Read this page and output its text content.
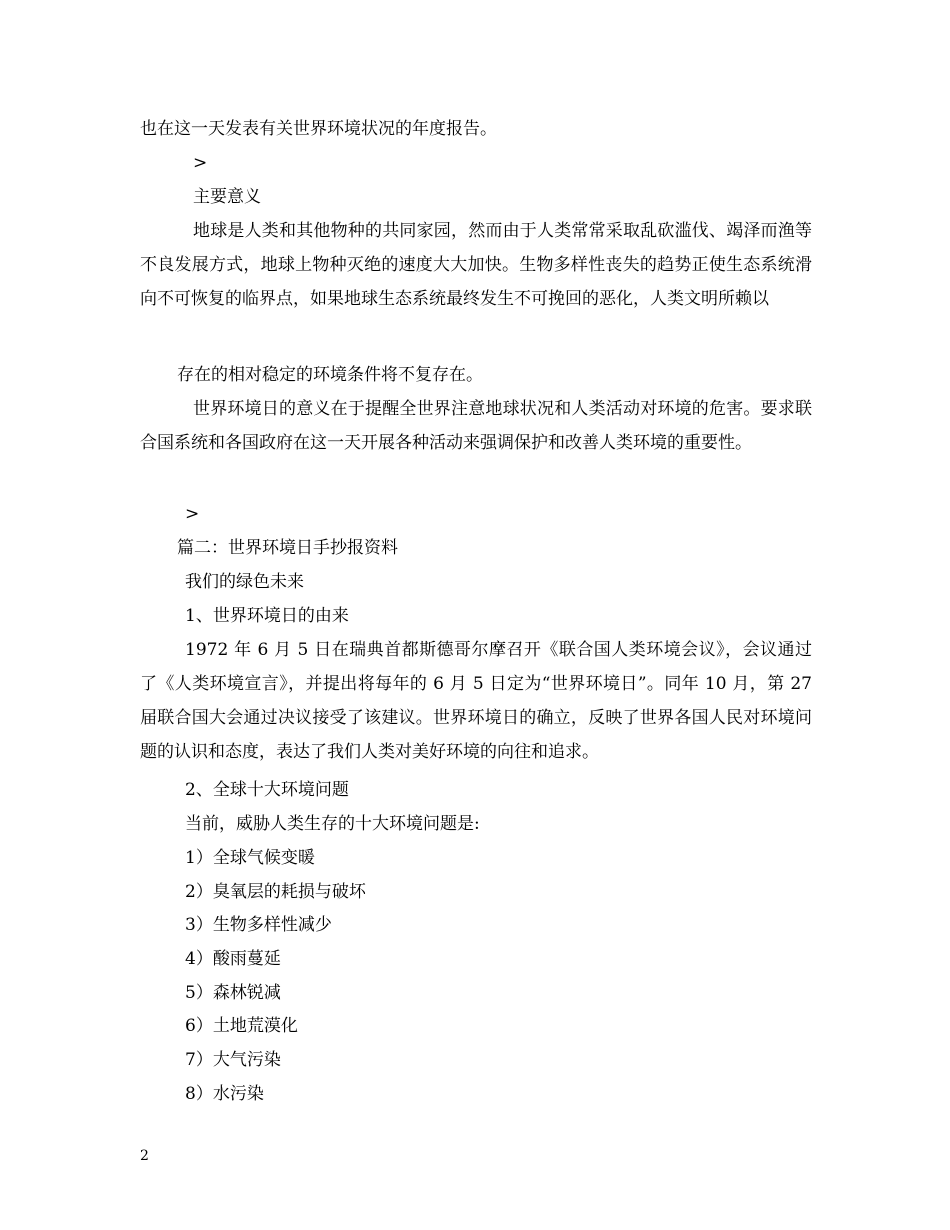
也在这一天发表有关世界环境状况的年度报告。
>
主要意义
地球是人类和其他物种的共同家园，然而由于人类常常采取乱砍滥伐、竭泽而渔等不良发展方式，地球上物种灭绝的速度大大加快。生物多样性丧失的趋势正使生态系统滑向不可恢复的临界点，如果地球生态系统最终发生不可挽回的恶化，人类文明所赖以
存在的相对稳定的环境条件将不复存在。
世界环境日的意义在于提醒全世界注意地球状况和人类活动对环境的危害。要求联合国系统和各国政府在这一天开展各种活动来强调保护和改善人类环境的重要性。
>
篇二：世界环境日手抄报资料
我们的绿色未来
1、世界环境日的由来
1972 年 6 月 5 日在瑞典首都斯德哥尔摩召开《联合国人类环境会议》，会议通过了《人类环境宣言》，并提出将每年的 6 月 5 日定为“世界环境日”。同年 10 月，第 27 届联合国大会通过决议接受了该建议。世界环境日的确立，反映了世界各国人民对环境问题的认识和态度，表达了我们人类对美好环境的向往和追求。
2、全球十大环境问题
当前，威胁人类生存的十大环境问题是:
1）全球气候变暖
2）臭氧层的耗损与破坏
3）生物多样性减少
4）酸雨蔓延
5）森林锐减
6）土地荒漠化
7）大气污染
8）水污染
2
